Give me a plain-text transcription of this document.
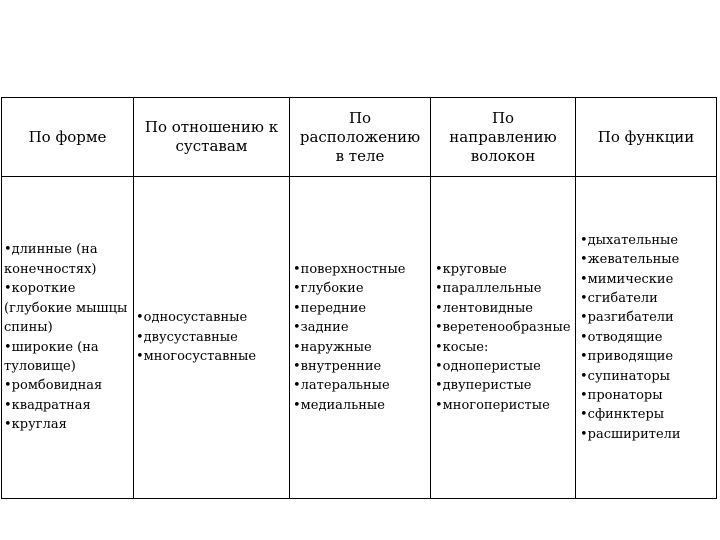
По форме
По отношению к суставам
По расположению в теле
По направлению волокон
По функции
• длинные (на конечностях)
• короткие (глубокие мышцы спины)
• широкие (на туловище)
• ромбовидная
• квадратная
• круглая
• односуставные
• двусуставные
• многосуставные
• поверхностные
• глубокие
• передние
• задние
• наружные
• внутренние
• латеральные
• медиальные
• круговые
• параллельные
• лентовидные
• веретенообразные
• косые:
• одноперистые
• двуперистые
• многоперистые
• дыхательные
• жевательные
• мимические
• сгибатели
• разгибатели
• отводящие
• приводящие
• супинаторы
• пронаторы
• сфинктеры
• расширители
